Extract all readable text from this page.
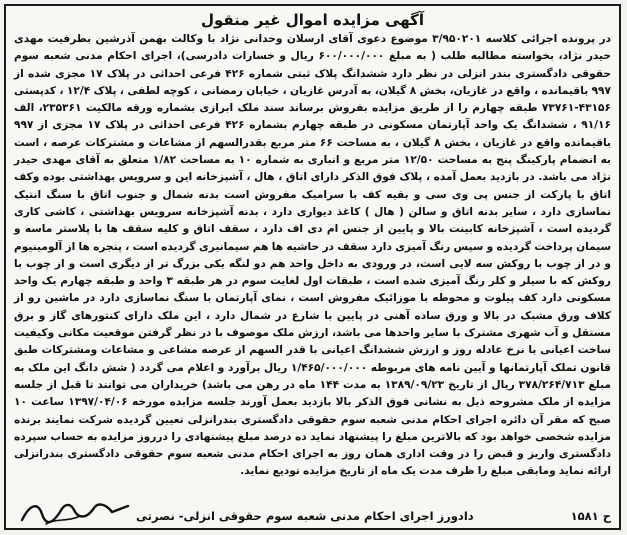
آگهی مزایده اموال غیر منقول

در پرونده اجرائی کلاسه ۳/۹۵۰۲۰۱ موضوع دعوی آقای ارسلان وحدانی نژاد با وکالت بهمن آذرشین بطرفیت مهدی حیدر نژاد، بخواسته مطالبه طلب ( به مبلغ ۶۰۰/۰۰۰/۰۰۰ ریال و خسارات دادرسی)، اجرای احکام مدنی شعبه سوم حقوقی دادگستری بندر انزلی در نظر دارد ششدانگ پلاک ثبتی شماره ۴۲۶ فرعی احداثی در پلاک ۱۷ مجزی شده از ۹۹۷ باقیمانده ، واقع در غازیان، بخش ۸ گیلان، به آدرس غازیان ، خیابان رمضانی ، کوچه لطفی ، پلاک ۱۲/۴ ، کدپستی ۴۳۱۵۶-۷۳۷۶۱ طبقه چهارم را از طریق مزایده بفروش برساند سند ملک ابرازی بشماره ورقه مالکیت ۲۳۵۳۶۱، الف ۹۱/۱۶ ، ششدانگ یک واحد آپارتمان مسکونی در طبقه چهارم بشماره ۴۲۶ فرعی احداثی در پلاک ۱۷ مجزی از ۹۹۷ باقیمانده واقع در غازیان ، بخش ۸ گیلان ، به مساحت ۶۶ متر مربع بقدرالسهم از مشاعات و مشترکات عرصه ، است به انضمام پارکینگ پنج به مساحت ۱۲/۵۰ متر مربع و انباری به شماره ۱۰ به مساحت ۱/۸۲ متعلق به آقای مهدی حیدر نژاد می باشد. در بازدید بعمل آمده ، پلاک فوق الذکر دارای اتاق ، هال ، آشپزخانه این و سرویس بهداشتی بوده وکف اتاق با پارکت از جنس پی وی سی و بقیه کف با سرامیک مفروش است بدنه شمال و جنوب اتاق با سنگ انتیک نماسازی دارد ، سایر بدنه اتاق و سالن ( هال ) کاغذ دیواری دارد ، بدنه آشپزخانه سرویس بهداشتی ، کاشی کاری گردیده است ، آشپزخانه کابینت بالا و پایین از جنس ام دی اف دارد ، سقف اتاق و کلیه سقف ها با پلاستر ماسه و سیمان پرداخت گردیده و سپس رنگ آمیزی دارد سقف در حاشیه ها هم سیمانیری گردیده است ، پنجره ها از آلومینیوم و در از چوب با روکش سه لایی است، در ورودی به داخل واحد هم دو لنگه یکی بزرگ تر از دیگری است و از چوب با روکش که با سیلر و کلر رنگ آمیزی شده است ، طبقات اول لغایت سوم در هر طبقه ۳ واحد و طبقه چهارم یک واحد مسکونی دارد کف پیلوت و محوطه با موزائیک مفروش است ، نمای آپارتمان با سنگ نماسازی دارد در ماشین رو از کلاف ورق مشبک در بالا و ورق ساده آهنی در پایین با شارع در شمال دارد ، این ملک دارای کنتورهای گاز و برق مستقل و آب شهری مشترک با سایر واحدها می باشد، ارزش ملک موصوف با در نظر گرفتن موقعیت مکانی وکیفیت ساخت اعیانی با نرخ عادله روز و ارزش ششدانگ اعیانی با قدر السهم از عرصه مشاعی و مشاعات ومشترکات طبق قانون تملک آپارتمانها و آیین نامه های مربوطه ۱/۴۶۵/۰۰۰/۰۰۰ ریال برآورد و اعلام می گردد ( شش دانگ این ملک به مبلغ ۳۷۸/۲۶۴/۷۱۳ ریال از تاریخ ۱۳۸۹/۰۹/۲۳ به مدت ۱۴۴ ماه در رهن می باشد) خریداران می توانند تا قبل از جلسه مزایده از ملک مشروحه ذیل به نشانی فوق الذکر بالا بازدید بعمل آورند جلسه مزایده مورخه ۱۳۹۷/۰۴/۰۶ ساعت ۱۰ صبح که مقر آن دائره اجرای احکام مدنی شعبه سوم حقوقی دادگستری بندرانزلی تعیین گردیده شرکت نمایند برنده مزایده شخصی خواهد بود که بالاترین مبلغ را پیشنهاد نماید ده درصد مبلغ پیشنهادی را درروز مزایده به حساب سپرده دادگستری واریز و قبض را در وقت اداری همان روز به اجرای احکام مدنی شعبه سوم حقوقی دادگستری بندرانزلی ارائه نماید ومابقی مبلغ را ظرف مدت یک ماه از تاریخ مزایده تودیع نماید.

ح ۱۵۸۱
دادورز اجرای احکام مدنی شعبه سوم حقوقی انزلی- نصرتی
